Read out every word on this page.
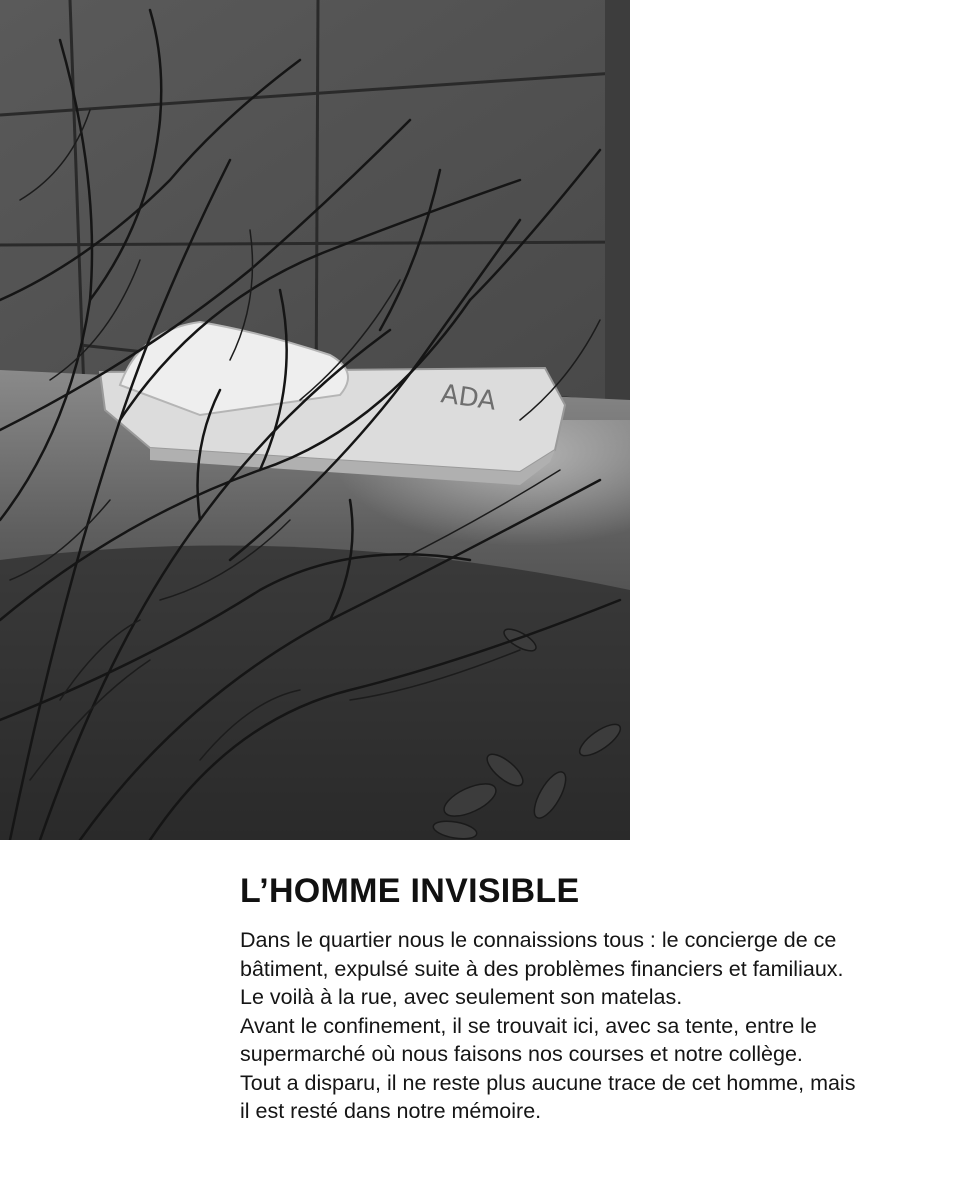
ADA
L’HOMME INVISIBLE
Dans le quartier nous le connaissions tous : le concierge de ce
bâtiment, expulsé suite à des problèmes financiers et familiaux.
Le voilà à la rue, avec seulement son matelas.
Avant le confinement, il se trouvait ici, avec sa tente, entre le
supermarché où nous faisons nos courses et notre collège.
Tout a disparu, il ne reste plus aucune trace de cet homme, mais
il est resté dans notre mémoire.
